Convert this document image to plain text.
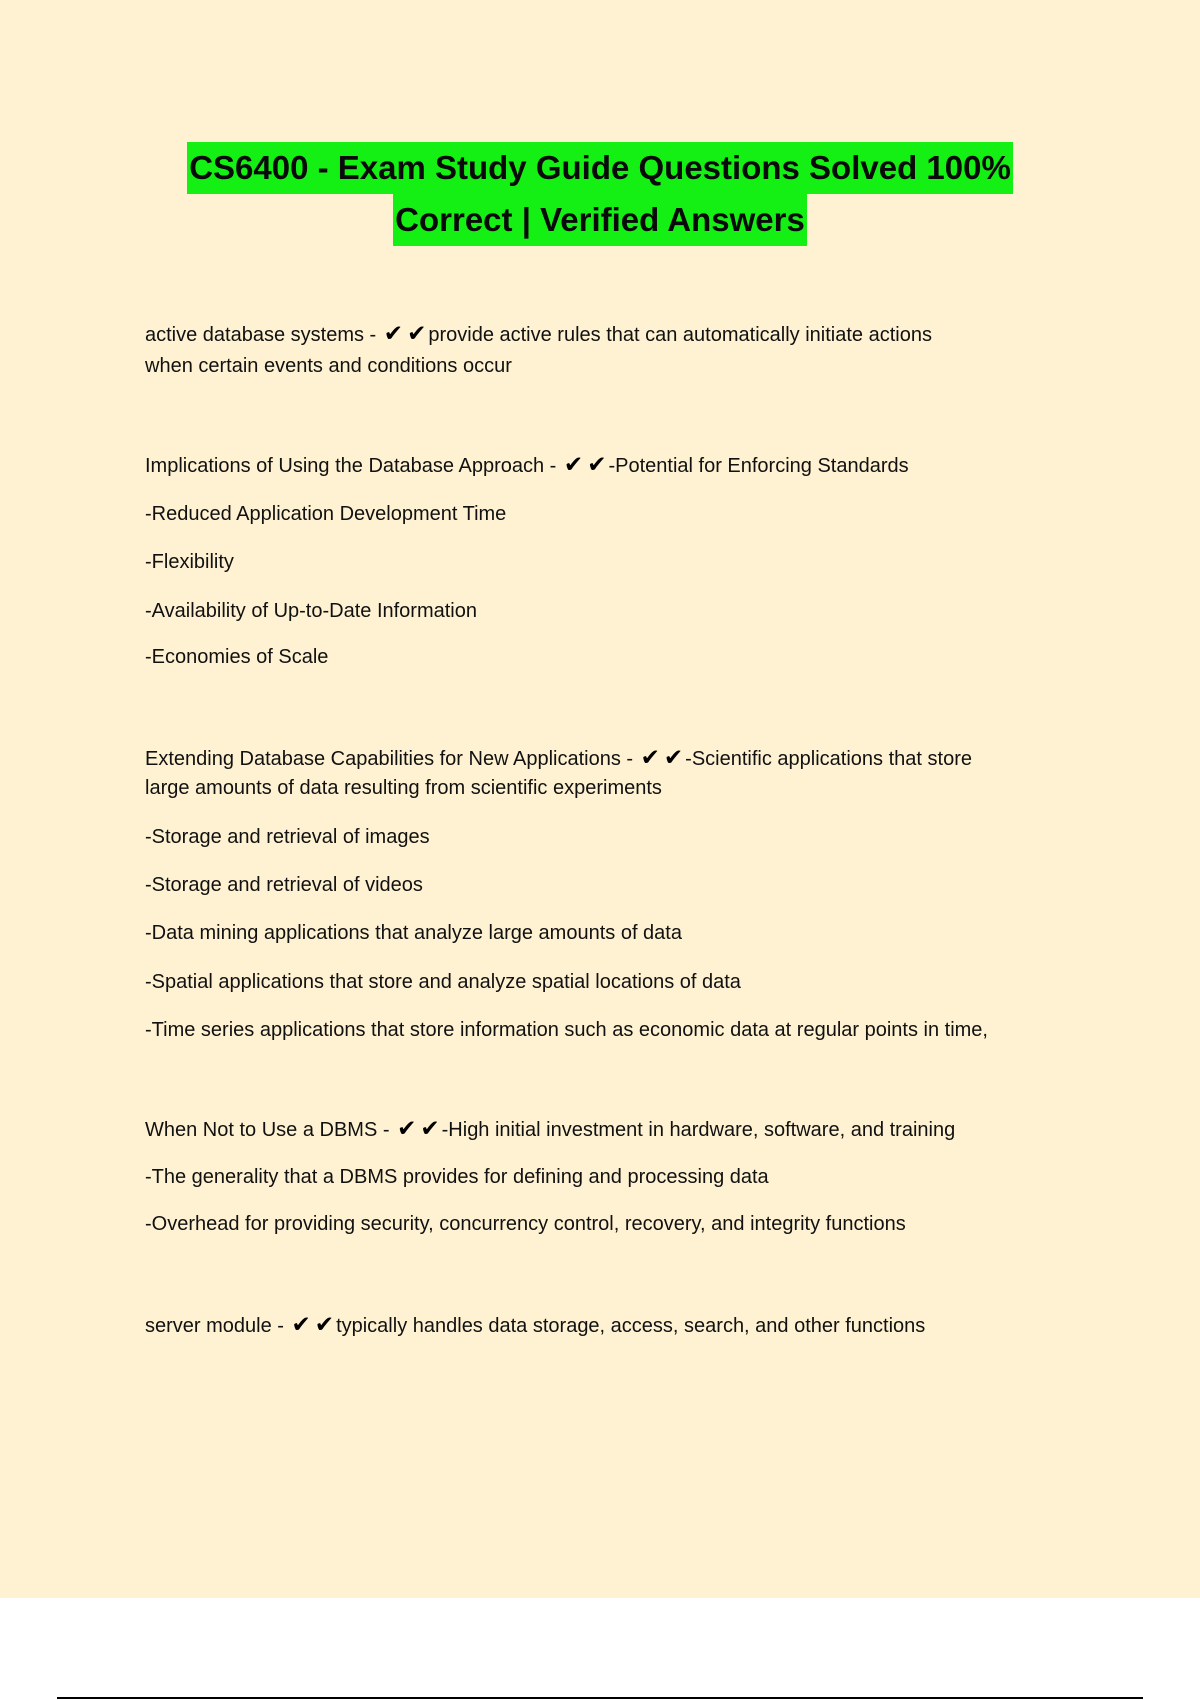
CS6400 - Exam Study Guide Questions Solved 100%
Correct | Verified Answers
active database systems - ✔ ✔ provide active rules that can automatically initiate actions
when certain events and conditions occur
Implications of Using the Database Approach - ✔ ✔ -Potential for Enforcing Standards
-Reduced Application Development Time
-Flexibility
-Availability of Up-to-Date Information
-Economies of Scale
Extending Database Capabilities for New Applications - ✔ ✔ -Scientific applications that store
large amounts of data resulting from scientific experiments
-Storage and retrieval of images
-Storage and retrieval of videos
-Data mining applications that analyze large amounts of data
-Spatial applications that store and analyze spatial locations of data
-Time series applications that store information such as economic data at regular points in time,
When Not to Use a DBMS - ✔ ✔ -High initial investment in hardware, software, and training
-The generality that a DBMS provides for defining and processing data
-Overhead for providing security, concurrency control, recovery, and integrity functions
server module - ✔ ✔ typically handles data storage, access, search, and other functions
